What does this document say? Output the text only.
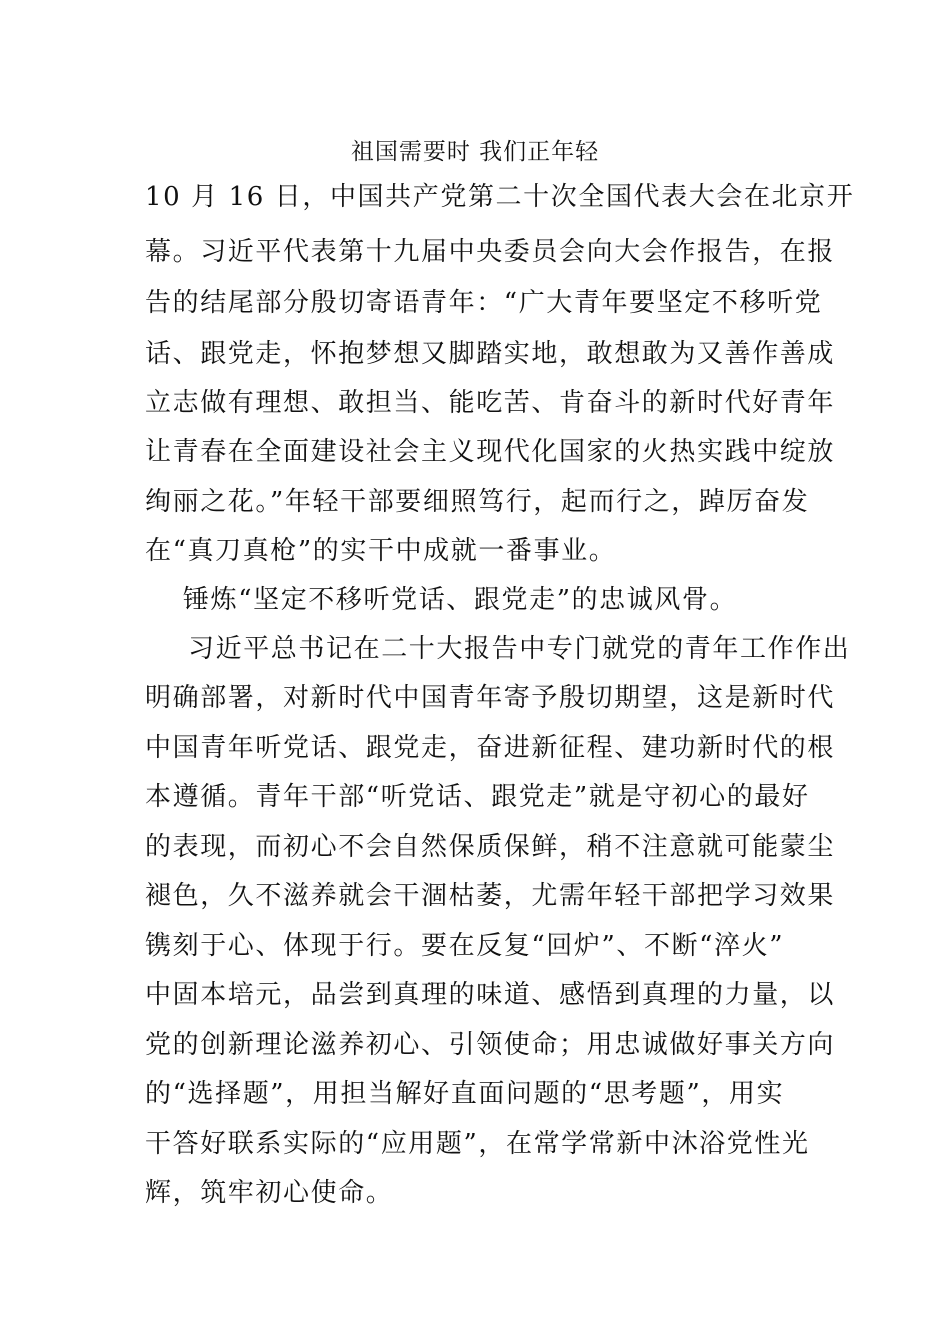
祖国需要时 我们正年轻
10 月 16 日，中国共产党第二十次全国代表大会在北京开
幕。习近平代表第十九届中央委员会向大会作报告，在报
告的结尾部分殷切寄语青年：“广大青年要坚定不移听党
话、跟党走，怀抱梦想又脚踏实地，敢想敢为又善作善成
立志做有理想、敢担当、能吃苦、肯奋斗的新时代好青年
让青春在全面建设社会主义现代化国家的火热实践中绽放
绚丽之花。”年轻干部要细照笃行，起而行之，踔厉奋发
在“真刀真枪”的实干中成就一番事业。
锤炼“坚定不移听党话、跟党走”的忠诚风骨。
习近平总书记在二十大报告中专门就党的青年工作作出
明确部署，对新时代中国青年寄予殷切期望，这是新时代
中国青年听党话、跟党走，奋进新征程、建功新时代的根
本遵循。青年干部“听党话、跟党走”就是守初心的最好
的表现，而初心不会自然保质保鲜，稍不注意就可能蒙尘
褪色，久不滋养就会干涸枯萎，尤需年轻干部把学习效果
镌刻于心、体现于行。要在反复“回炉”、不断“淬火”
中固本培元，品尝到真理的味道、感悟到真理的力量，以
党的创新理论滋养初心、引领使命；用忠诚做好事关方向
的“选择题”，用担当解好直面问题的“思考题”，用实
干答好联系实际的“应用题”，在常学常新中沐浴党性光
辉，筑牢初心使命。
